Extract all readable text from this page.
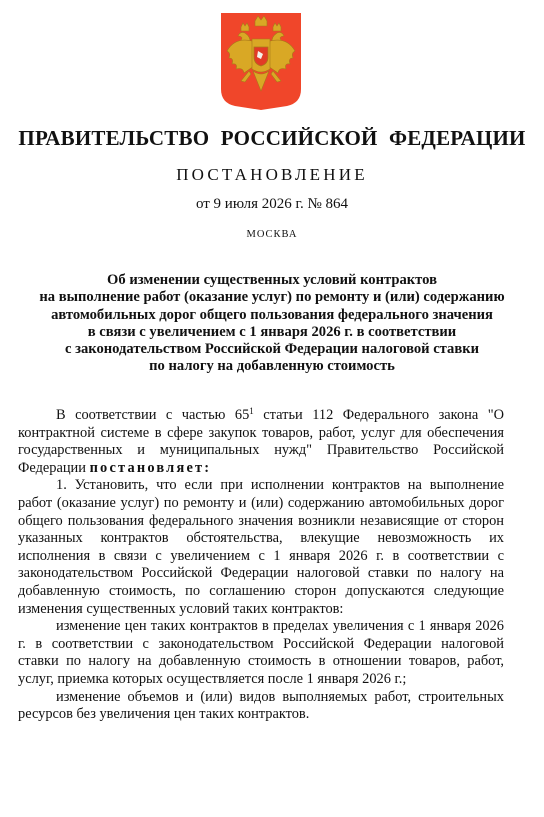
ПРАВИТЕЛЬСТВО РОССИЙСКОЙ ФЕДЕРАЦИИ
ПОСТАНОВЛЕНИЕ
от 9 июля 2026 г. № 864
МОСКВА
Об изменении существенных условий контрактов
на выполнение работ (оказание услуг) по ремонту и (или) содержанию
автомобильных дорог общего пользования федерального значения
в связи с увеличением с 1 января 2026 г. в соответствии
с законодательством Российской Федерации налоговой ставки
по налогу на добавленную стоимость

В соответствии с частью $65^1$ статьи 112 Федерального закона "О контрактной системе в сфере закупок товаров, работ, услуг для обеспечения государственных и муниципальных нужд" Правительство Российской Федерации постановляет:

1. Установить, что если при исполнении контрактов на выполнение работ (оказание услуг) по ремонту и (или) содержанию автомобильных дорог общего пользования федерального значения возникли независящие от сторон указанных контрактов обстоятельства, влекущие невозможность их исполнения в связи с увеличением с 1 января 2026 г. в соответствии с законодательством Российской Федерации налоговой ставки по налогу на добавленную стоимость, по соглашению сторон допускаются следующие изменения существенных условий таких контрактов:

изменение цен таких контрактов в пределах увеличения с 1 января 2026 г. в соответствии с законодательством Российской Федерации налоговой ставки по налогу на добавленную стоимость в отношении товаров, работ, услуг, приемка которых осуществляется после 1 января 2026 г.;

изменение объемов и (или) видов выполняемых работ, строительных ресурсов без увеличения цен таких контрактов.
